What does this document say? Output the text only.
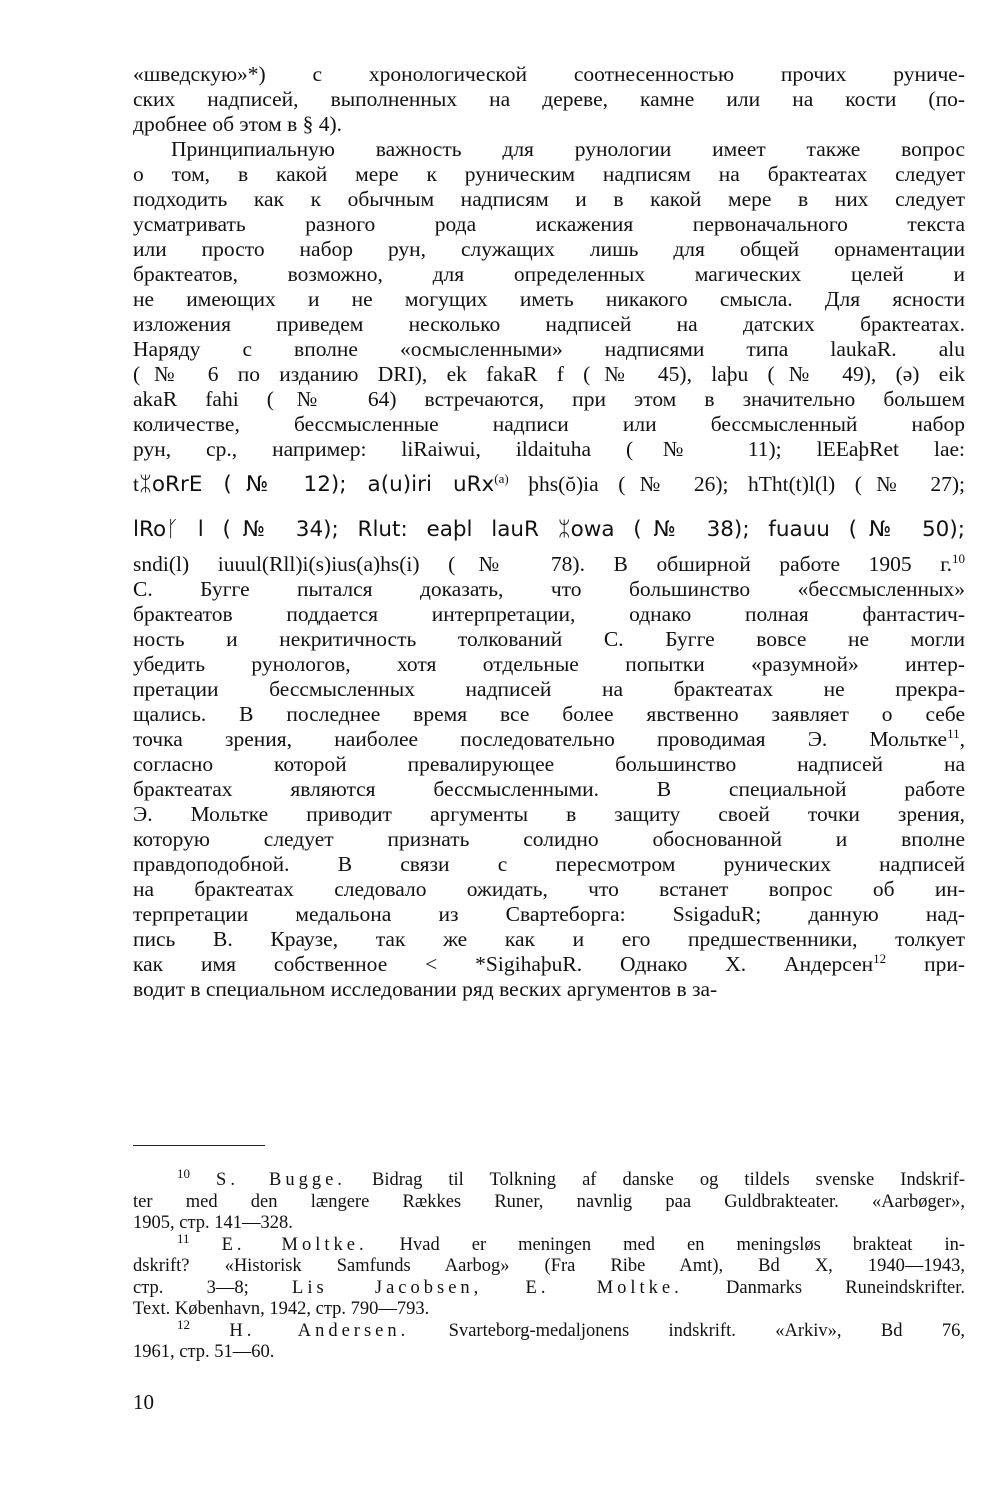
«шведскую»*) с хронологической соотнесенностью прочих руниче-
ских надписей, выполненных на дереве, камне или на кости (по-
дробнее об этом в § 4).
Принципиальную важность для рунологии имеет также вопрос
о том, в какой мере к руническим надписям на брактеатах следует
подходить как к обычным надписям и в какой мере в них следует
усматривать разного рода искажения первоначального текста
или просто набор рун, служащих лишь для общей орнаментации
брактеатов, возможно, для определенных магических целей и
не имеющих и не могущих иметь никакого смысла. Для ясности
изложения приведем несколько надписей на датских брактеатах.
Наряду с вполне «осмысленными» надписями типа laukaR. alu
(№ 6 по изданию DRI), ek fakaR f (№ 45), laþu (№ 49), (ǝ) eik
akaR fahi (№ 64) встречаются, при этом в значительно большем
количестве, бессмысленные надписи или бессмысленный набор
рун, ср., например: liRaiwui, ildaituha (№ 11); lEEaþRet lae:
tᛯoRrE (№ 12); a(u)iri uRx$^{(a)}$ þhs(ŏ)ia (№ 26); hTht(t)l(l) (№ 27);
lRoᚴ l (№ 34); Rlut: eaþl lauR ᛯowa (№ 38); fuauu (№ 50);
sndi(l) iuuul(Rll)i(s)ius(a)hs(i) (№ 78). В обширной работе 1905 г.$^{10}$
С. Бугге пытался доказать, что большинство «бессмысленных»
брактеатов поддается интерпретации, однако полная фантастич-
ность и некритичность толкований С. Бугге вовсе не могли
убедить рунологов, хотя отдельные попытки «разумной» интер-
претации бессмысленных надписей на брактеатах не прекра-
щались. В последнее время все более явственно заявляет о себе
точка зрения, наиболее последовательно проводимая Э. Мольтке$^{11}$,
согласно которой превалирующее большинство надписей на
брактеатах являются бессмысленными. В специальной работе
Э. Мольтке приводит аргументы в защиту своей точки зрения,
которую следует признать солидно обоснованной и вполне
правдоподобной. В связи с пересмотром рунических надписей
на брактеатах следовало ожидать, что встанет вопрос об ин-
терпретации медальона из Свартеборга: SsigaduR; данную над-
пись В. Краузе, так же как и его предшественники, толкует
как имя собственное < *SigihaþuR. Однако Х. Андерсен$^{12}$ при-
водит в специальном исследовании ряд веских аргументов в за-
$^{10}$ S. Bugge. Bidrag til Tolkning af danske og tildels svenske Indskrif-
ter med den længere Rækkes Runer, navnlig paa Guldbrakteater. «Aarbøger»,
1905, стр. 141—328.
$^{11}$ E. Moltke. Hvad er meningen med en meningsløs brakteat in-
dskrift? «Historisk Samfunds Aarbog» (Fra Ribe Amt), Bd X, 1940—1943,
стр. 3—8; Lis Jacobsen, E. Moltke. Danmarks Runeindskrifter.
Text. København, 1942, стр. 790—793.
$^{12}$ H. Andersen. Svarteborg-medaljonens indskrift. «Arkiv», Bd 76,
1961, стр. 51—60.
10
